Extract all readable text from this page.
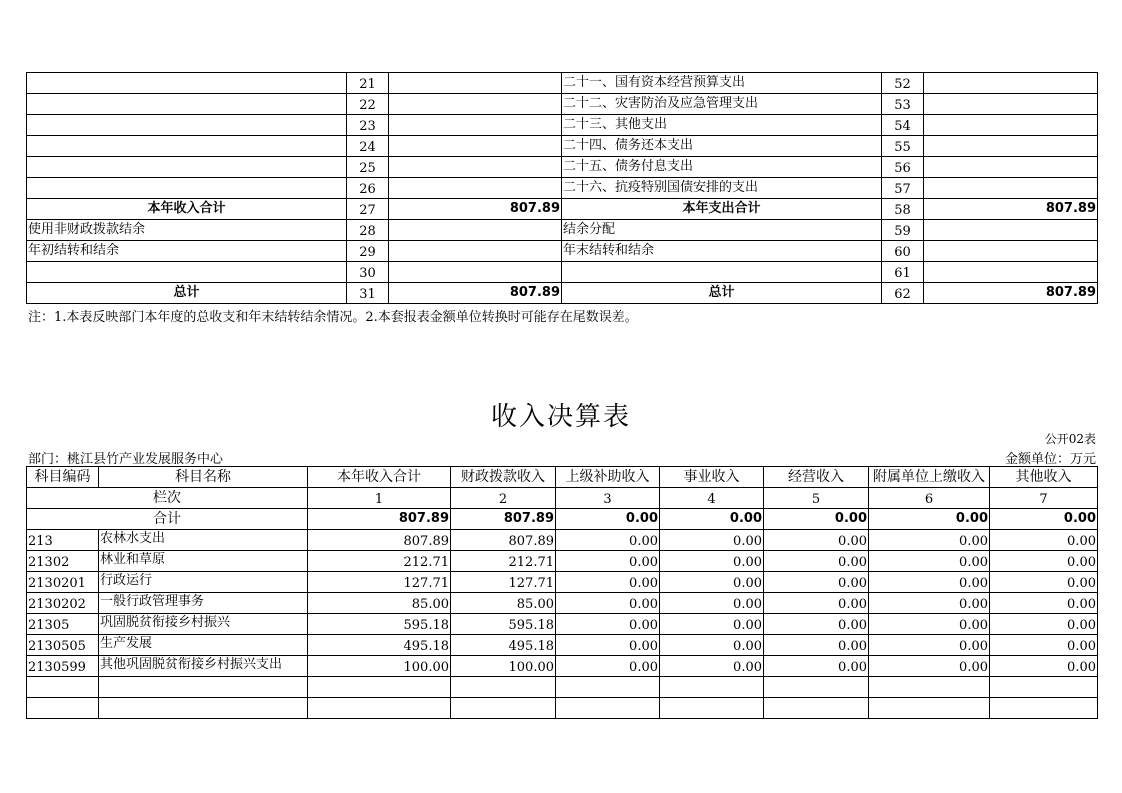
	21		二十一、国有资本经营预算支出	52	
	22		二十二、灾害防治及应急管理支出	53	
	23		二十三、其他支出	54	
	24		二十四、债务还本支出	55	
	25		二十五、债务付息支出	56	
	26		二十六、抗疫特别国债安排的支出	57	
本年收入合计	27	807.89	本年支出合计	58	807.89
使用非财政拨款结余	28		结余分配	59	
年初结转和结余	29		年末结转和结余	60	
	30			61	
总计	31	807.89	总计	62	807.89
注：1.本表反映部门本年度的总收支和年末结转结余情况。2.本套报表金额单位转换时可能存在尾数误差。
收入决算表
公开02表
部门：桃江县竹产业发展服务中心	金额单位：万元
科目编码	科目名称	本年收入合计	财政拨款收入	上级补助收入	事业收入	经营收入	附属单位上缴收入	其他收入
栏次		1	2	3	4	5	6	7
合计		807.89	807.89	0.00	0.00	0.00	0.00	0.00
213	农林水支出	807.89	807.89	0.00	0.00	0.00	0.00	0.00
21302	林业和草原	212.71	212.71	0.00	0.00	0.00	0.00	0.00
2130201	行政运行	127.71	127.71	0.00	0.00	0.00	0.00	0.00
2130202	一般行政管理事务	85.00	85.00	0.00	0.00	0.00	0.00	0.00
21305	巩固脱贫衔接乡村振兴	595.18	595.18	0.00	0.00	0.00	0.00	0.00
2130505	生产发展	495.18	495.18	0.00	0.00	0.00	0.00	0.00
2130599	其他巩固脱贫衔接乡村振兴支出	100.00	100.00	0.00	0.00	0.00	0.00	0.00
